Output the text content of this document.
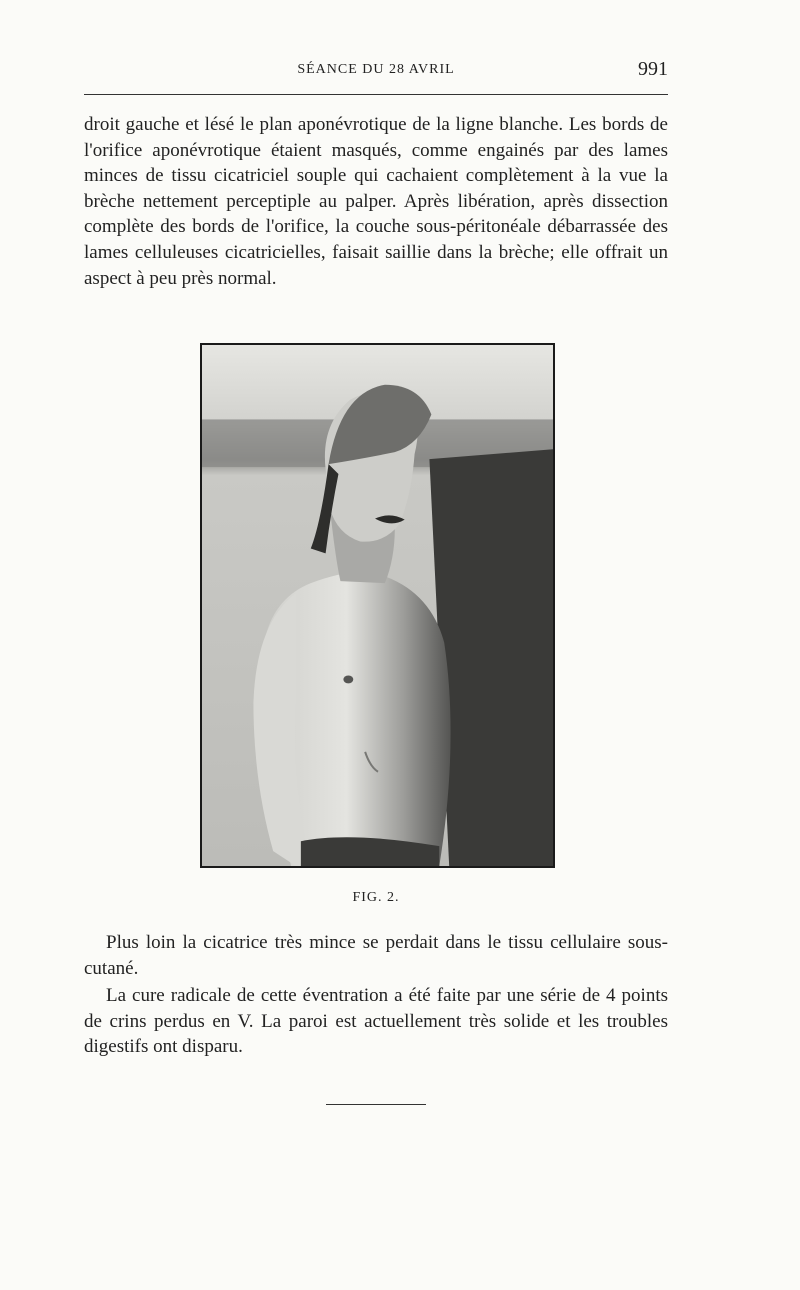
SÉANCE DU 28 AVRIL	991

droit gauche et lésé le plan aponévrotique de la ligne blanche. Les bords de l'orifice aponévrotique étaient masqués, comme engainés par des lames minces de tissu cicatriciel souple qui cachaient complètement à la vue la brèche nettement perceptiple au palper. Après libération, après dissection complète des bords de l'orifice, la couche sous-péritonéale débarrassée des lames celluleuses cicatricielles, faisait saillie dans la brèche; elle offrait un aspect à peu près normal.

FIG. 2.

Plus loin la cicatrice très mince se perdait dans le tissu cellulaire sous-cutané.

La cure radicale de cette éventration a été faite par une série de 4 points de crins perdus en V. La paroi est actuellement très solide et les troubles digestifs ont disparu.
